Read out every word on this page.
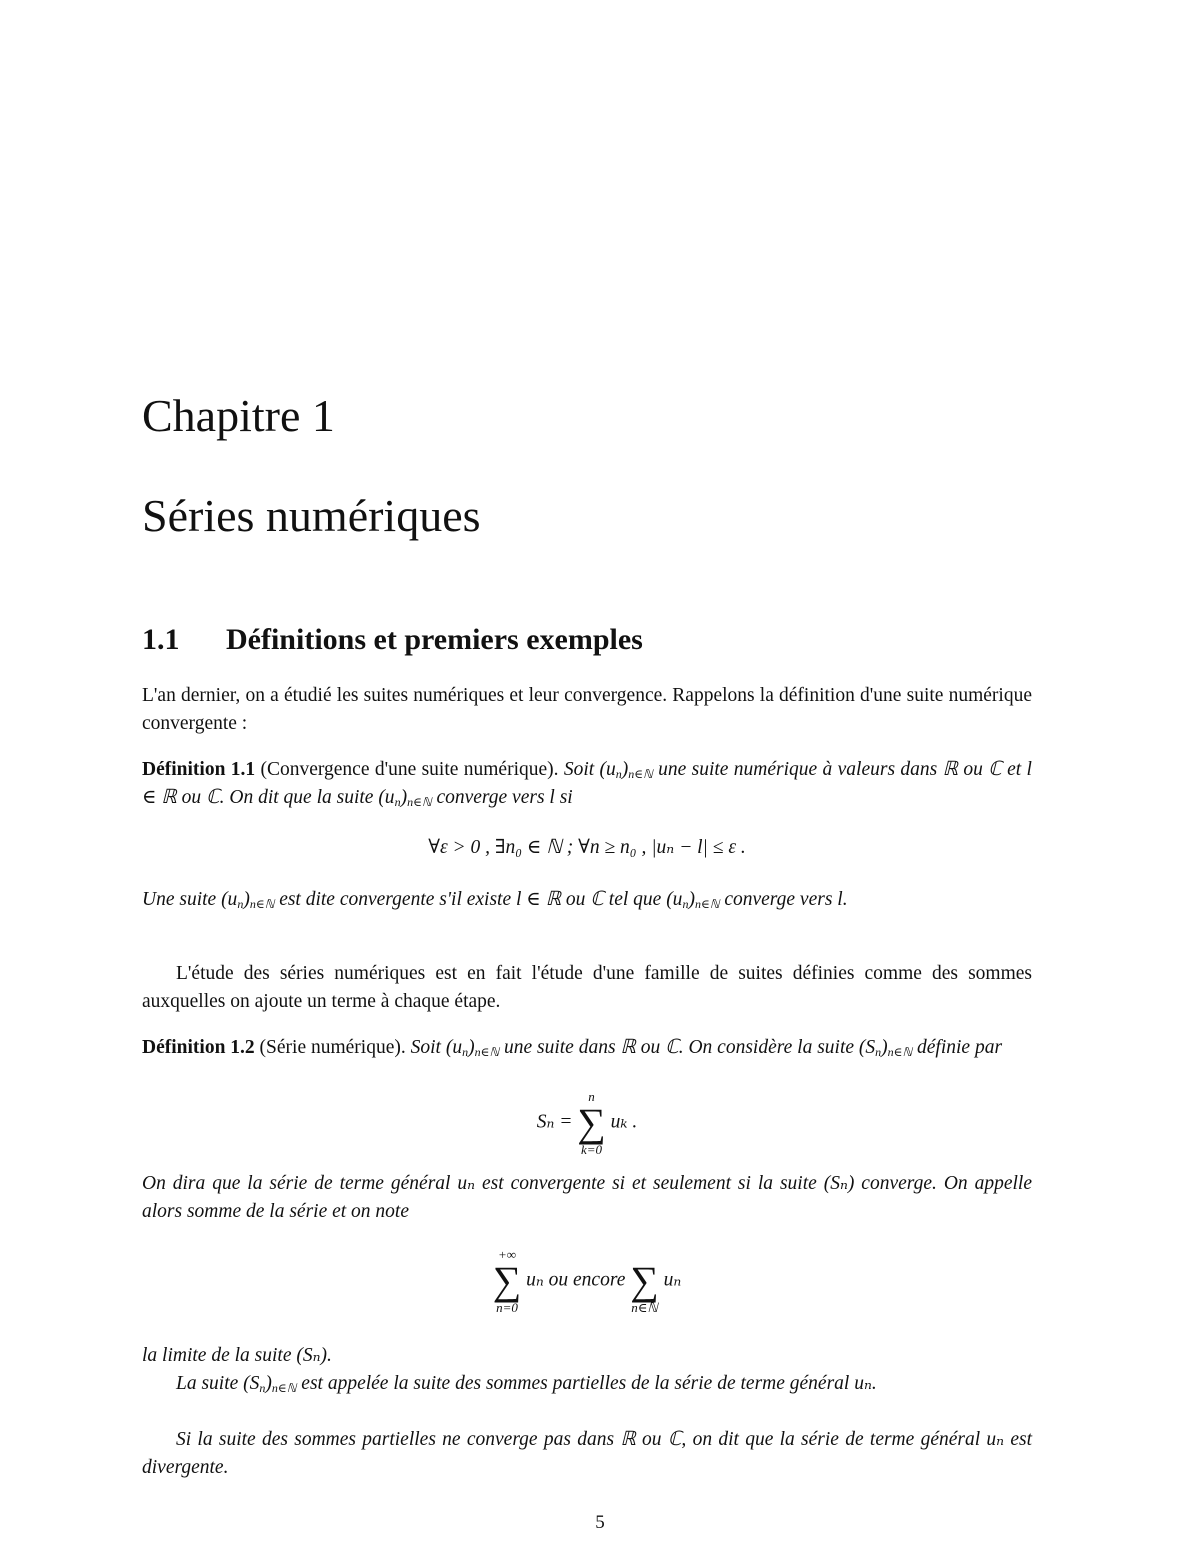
Chapitre 1
Séries numériques
1.1 Définitions et premiers exemples
L'an dernier, on a étudié les suites numériques et leur convergence. Rappelons la définition d'une suite numérique convergente :
Définition 1.1 (Convergence d'une suite numérique). Soit $(u_n)_{n\in ℕ}$ une suite numérique à valeurs dans ℝ ou ℂ et l ∈ ℝ ou ℂ. On dit que la suite $(u_n)_{n\in ℕ}$ converge vers l si
∀ε > 0 , ∃n₀ ∈ ℕ ; ∀n ≥ n₀ , |uₙ − l| ≤ ε .
Une suite $(u_n)_{n\in ℕ}$ est dite convergente s'il existe l ∈ ℝ ou ℂ tel que $(u_n)_{n\in ℕ}$ converge vers l.
L'étude des séries numériques est en fait l'étude d'une famille de suites définies comme des sommes auxquelles on ajoute un terme à chaque étape.
Définition 1.2 (Série numérique). Soit $(u_n)_{n\in ℕ}$ une suite dans ℝ ou ℂ. On considère la suite $(S_n)_{n\in ℕ}$ définie par
Sₙ =
n
∑
k=0
uₖ .
On dira que la série de terme général uₙ est convergente si et seulement si la suite (Sₙ) converge. On appelle alors somme de la série et on note
+∞
∑
n=0
uₙ ou encore
∑
n∈ℕ
uₙ
la limite de la suite (Sₙ).
La suite $(S_n)_{n\in ℕ}$ est appelée la suite des sommes partielles de la série de terme général uₙ.
Si la suite des sommes partielles ne converge pas dans ℝ ou ℂ, on dit que la série de terme général uₙ est divergente.
5
